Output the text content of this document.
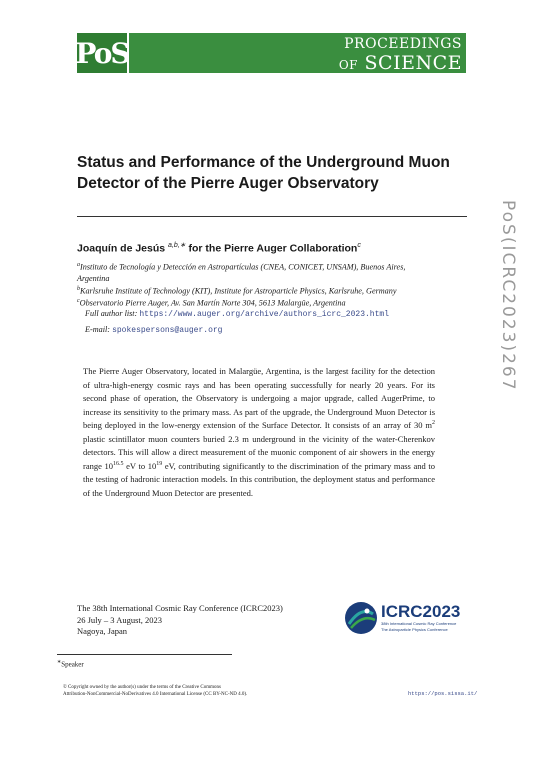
PoS	PROCEEDINGS
OF SCIENCE
Status and Performance of the Underground Muon Detector of the Pierre Auger Observatory
PoS(ICRC2023)267
Joaquín de Jesús $^{a,b,∗}$ for the Pierre Auger Collaboration$^c$
$^a$Instituto de Tecnología y Detección en Astropartículas (CNEA, CONICET, UNSAM), Buenos Aires, Argentina
$^b$Karlsruhe Institute of Technology (KIT), Institute for Astroparticle Physics, Karlsruhe, Germany
$^c$Observatorio Pierre Auger, Av. San Martín Norte 304, 5613 Malargüe, Argentina
Full author list: https://www.auger.org/archive/authors_icrc_2023.html
E-mail: spokespersons@auger.org
The Pierre Auger Observatory, located in Malargüe, Argentina, is the largest facility for the detection of ultra-high-energy cosmic rays and has been operating successfully for nearly 20 years. For its second phase of operation, the Observatory is undergoing a major upgrade, called AugerPrime, to increase its sensitivity to the primary mass. As part of the upgrade, the Underground Muon Detector is being deployed in the low-energy extension of the Surface Detector. It consists of an array of 30 $m^2$ plastic scintillator muon counters buried 2.3 m underground in the vicinity of the water-Cherenkov detectors. This will allow a direct measurement of the muonic component of air showers in the energy range $10^{16.5}$ eV to $10^{19}$ eV, contributing significantly to the discrimination of the primary mass and to the testing of hadronic interaction models. In this contribution, the deployment status and performance of the Underground Muon Detector are presented.
The 38th International Cosmic Ray Conference (ICRC2023)
26 July – 3 August, 2023
Nagoya, Japan
ICRC2023
38th International Cosmic Ray Conference
The Astroparticle Physics Conference
∗Speaker
© Copyright owned by the author(s) under the terms of the Creative Commons
Attribution-NonCommercial-NoDerivatives 4.0 International License (CC BY-NC-ND 4.0).	https://pos.sissa.it/
